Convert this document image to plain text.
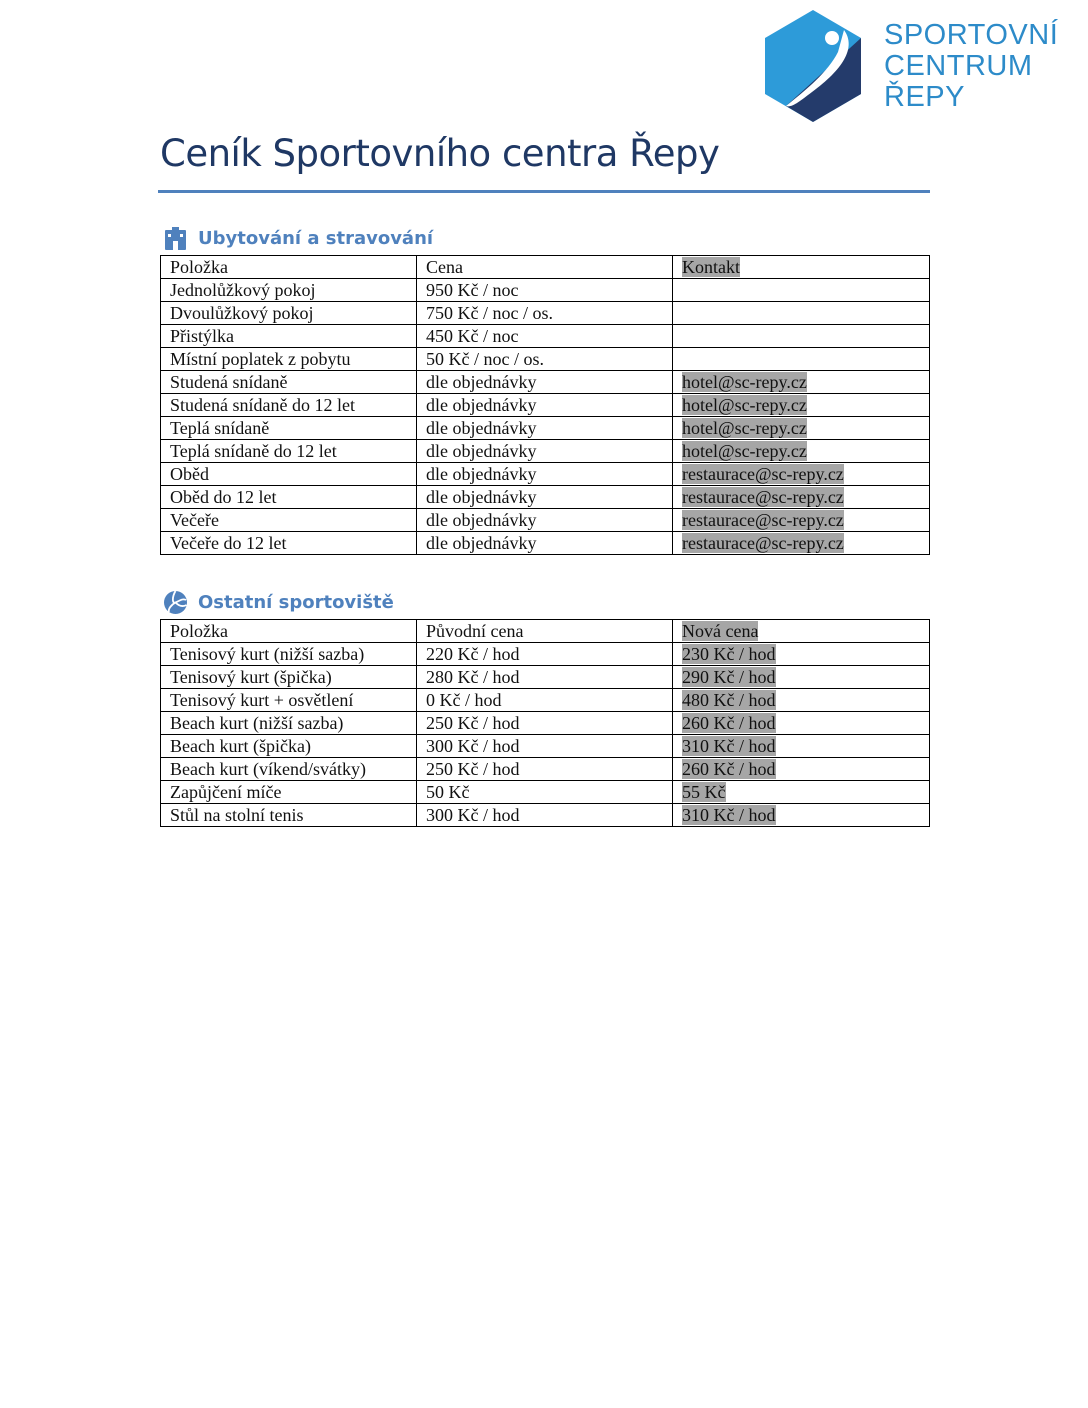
SPORTOVNÍ
CENTRUM
ŘEPY
Ceník Sportovního centra Řepy
Ubytování a stravování
Položka	Cena	Kontakt
Jednolůžkový pokoj	950 Kč / noc	
Dvoulůžkový pokoj	750 Kč / noc / os.	
Přistýlka	450 Kč / noc	
Místní poplatek z pobytu	50 Kč / noc / os.	
Studená snídaně	dle objednávky	hotel@sc-repy.cz
Studená snídaně do 12 let	dle objednávky	hotel@sc-repy.cz
Teplá snídaně	dle objednávky	hotel@sc-repy.cz
Teplá snídaně do 12 let	dle objednávky	hotel@sc-repy.cz
Oběd	dle objednávky	restaurace@sc-repy.cz
Oběd do 12 let	dle objednávky	restaurace@sc-repy.cz
Večeře	dle objednávky	restaurace@sc-repy.cz
Večeře do 12 let	dle objednávky	restaurace@sc-repy.cz
Ostatní sportoviště
Položka	Původní cena	Nová cena
Tenisový kurt (nižší sazba)	220 Kč / hod	230 Kč / hod
Tenisový kurt (špička)	280 Kč / hod	290 Kč / hod
Tenisový kurt + osvětlení	0 Kč / hod	480 Kč / hod
Beach kurt (nižší sazba)	250 Kč / hod	260 Kč / hod
Beach kurt (špička)	300 Kč / hod	310 Kč / hod
Beach kurt (víkend/svátky)	250 Kč / hod	260 Kč / hod
Zapůjčení míče	50 Kč	55 Kč
Stůl na stolní tenis	300 Kč / hod	310 Kč / hod
